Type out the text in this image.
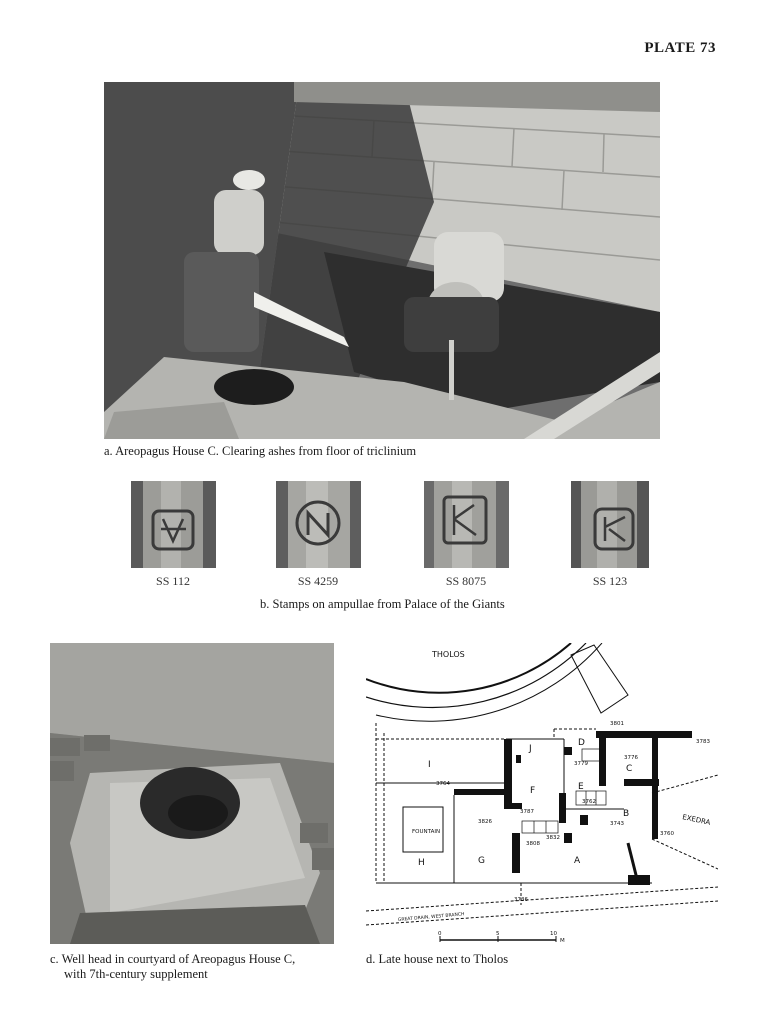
PLATE 73
a. Areopagus House C. Clearing ashes from floor of triclinium
SS 112	SS 4259	SS 8075	SS 123
b. Stamps on ampullae from Palace of the Giants
c. Well head in courtyard of Areopagus House C,
with 7th-century supplement
THOLOS
A
B
C
D
E
F
G
H
I
J
3801
3783
3779
3776
3764
3787
3762
3743
3826
3832
3808
3760
3797
3736
FOUNTAIN
EXEDRA
GREAT DRAIN, WEST BRANCH
0	5	10
M
d. Late house next to Tholos
